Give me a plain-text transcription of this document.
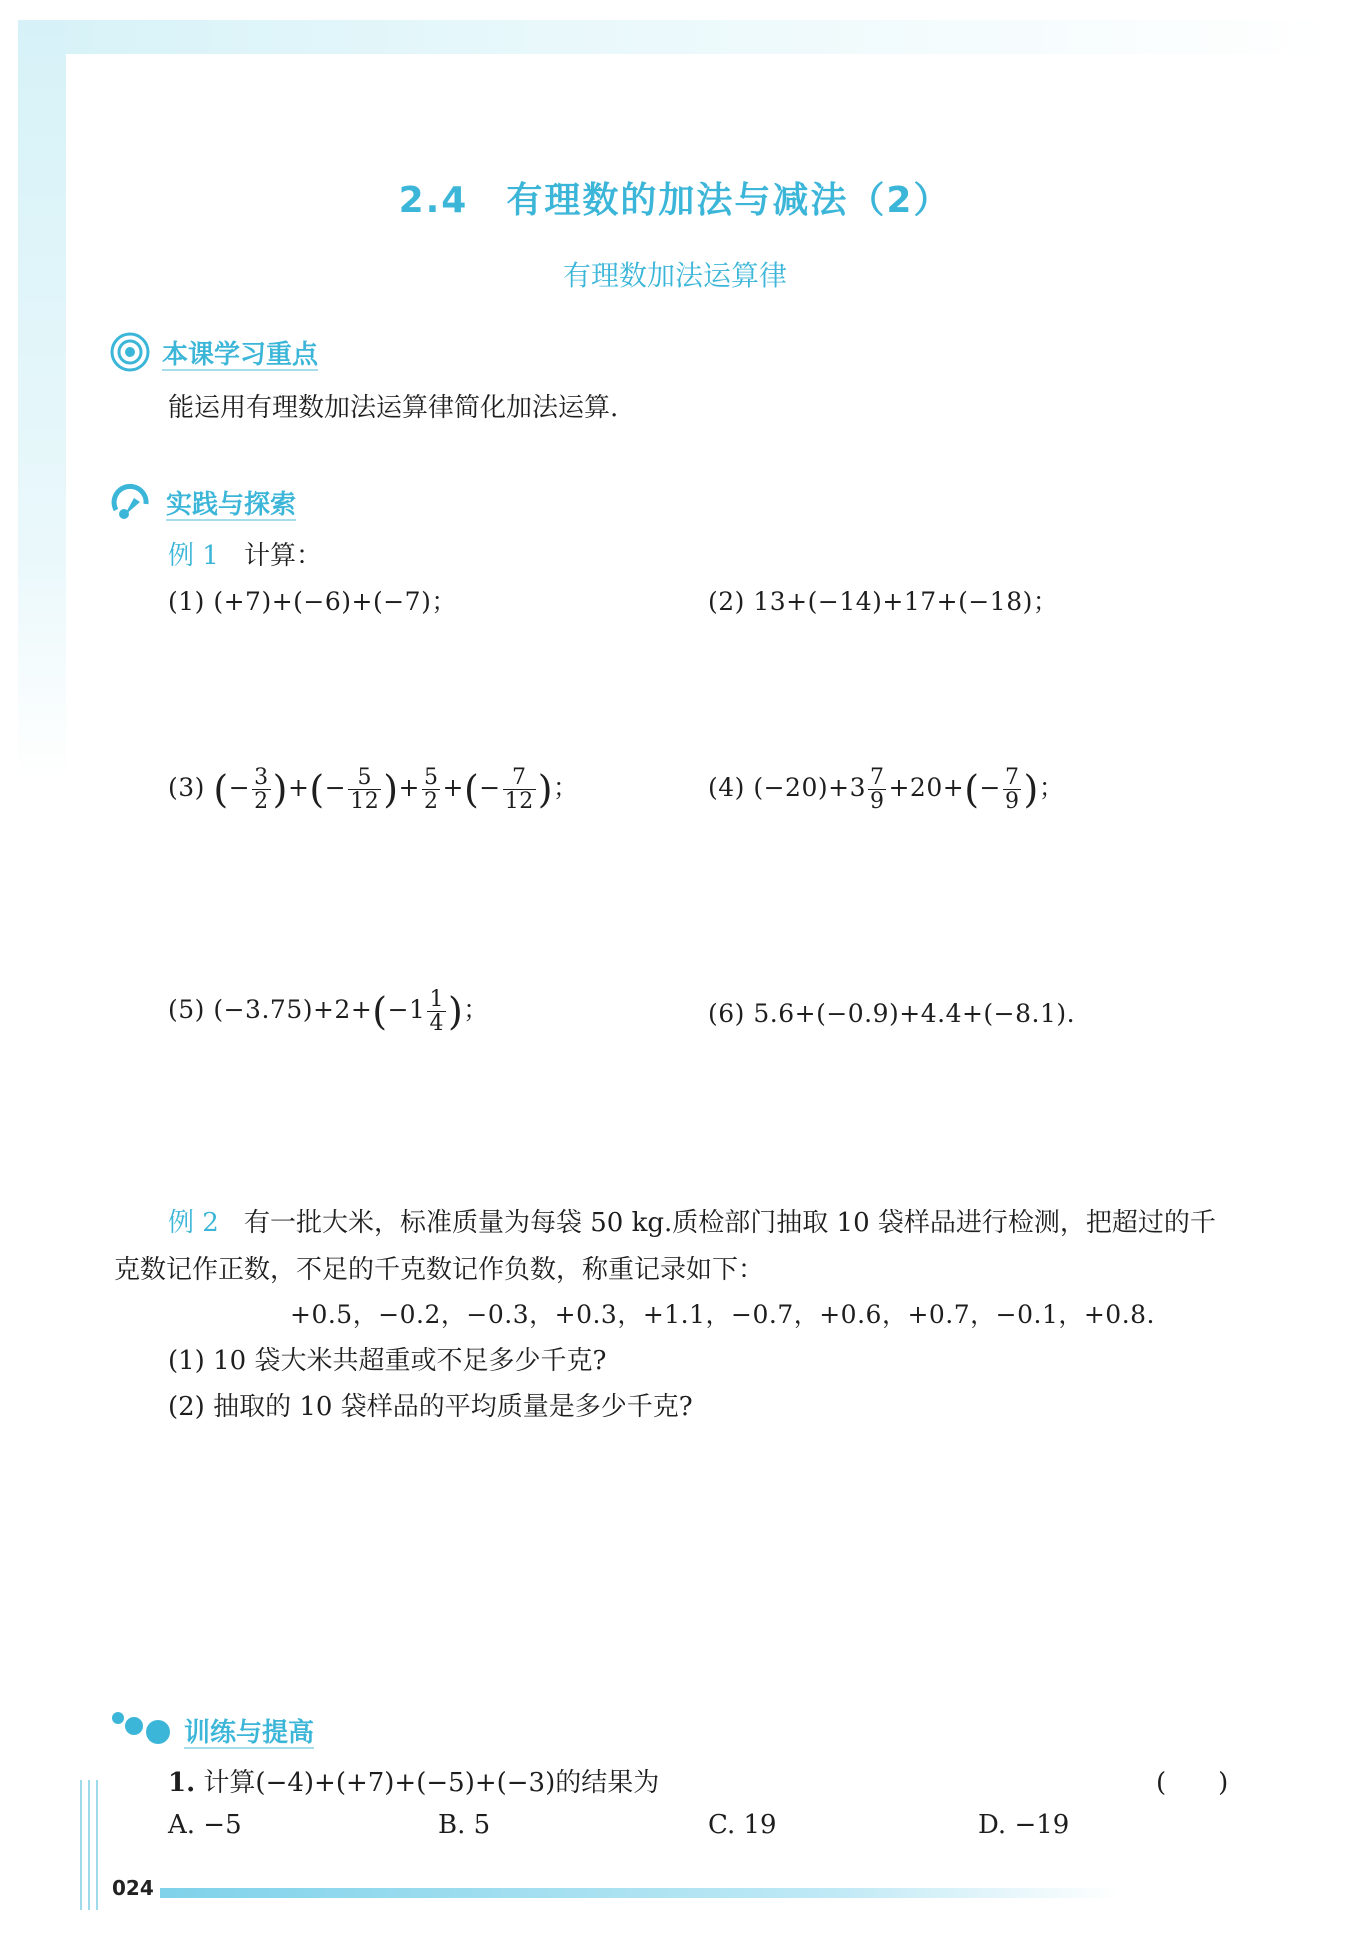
2.4　有理数的加法与减法（2）
有理数加法运算律
本课学习重点
能运用有理数加法运算律简化加法运算.
实践与探索
例 1 计算：
(1) (+7)+(−6)+(−7)；	(2) 13+(−14)+17+(−18)；
(3) (− $\frac{3}{2}$ )+(− $\frac{5}{12}$ )+ $\frac{5}{2}$ +(− $\frac{7}{12}$ )；	(4) $(-20)+3 \frac{7}{9} +20+(- \frac{7}{9}$ )；
(5) $(-3.75)+2+(-1 \frac{1}{4}$ )；	(6) 5.6+(−0.9)+4.4+(−8.1).
例 2 有一批大米，标准质量为每袋 50 kg.质检部门抽取 10 袋样品进行检测，把超过的千
克数记作正数，不足的千克数记作负数，称重记录如下：
+0.5，−0.2，−0.3，+0.3，+1.1，−0.7，+0.6，+0.7，−0.1，+0.8.
(1) 10 袋大米共超重或不足多少千克?
(2) 抽取的 10 袋样品的平均质量是多少千克?
训练与提高
1. 计算(−4)+(+7)+(−5)+(−3)的结果为	(　　)
A. −5	B. 5	C. 19	D. −19
024
